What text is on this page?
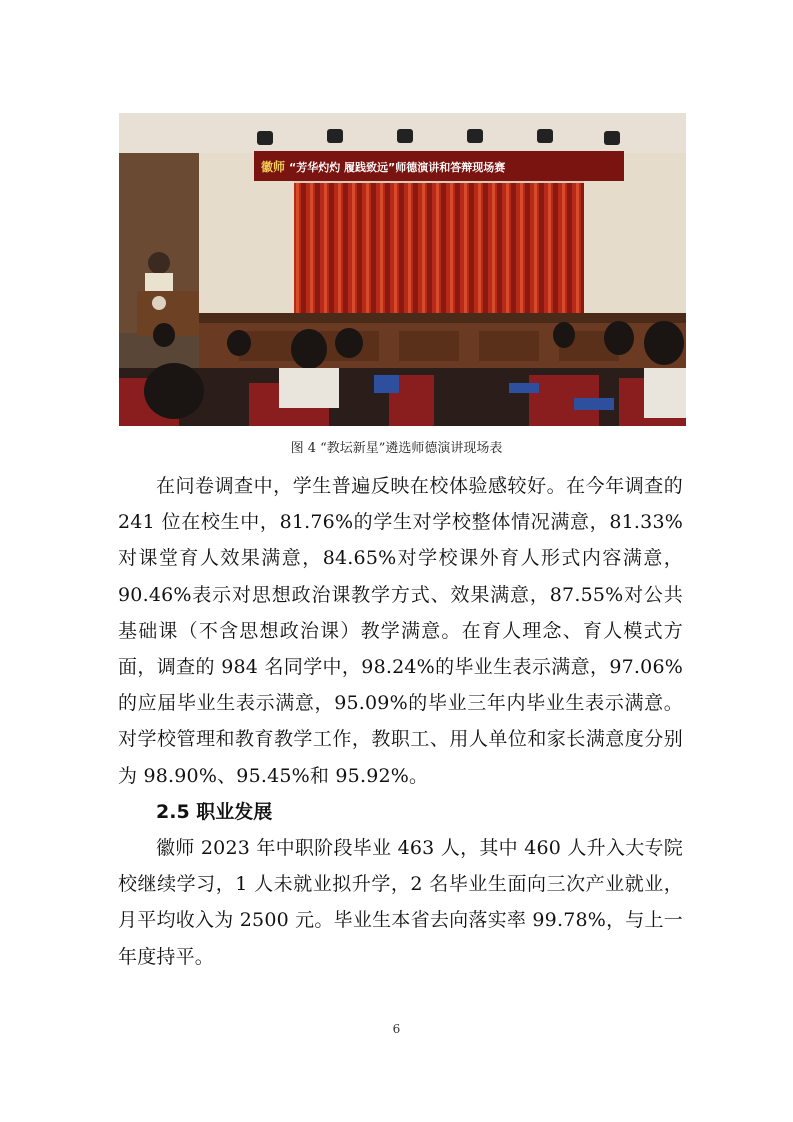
徽师 “芳华灼灼 履践致远”师德演讲和答辩现场赛
图 4 “教坛新星”遴选师德演讲现场表

在问卷调查中，学生普遍反映在校体验感较好。在今年调查的 241 位在校生中，81.76%的学生对学校整体情况满意，81.33%对课堂育人效果满意，84.65%对学校课外育人形式内容满意，90.46%表示对思想政治课教学方式、效果满意，87.55%对公共基础课（不含思想政治课）教学满意。在育人理念、育人模式方面，调查的 984 名同学中，98.24%的毕业生表示满意，97.06%的应届毕业生表示满意，95.09%的毕业三年内毕业生表示满意。对学校管理和教育教学工作，教职工、用人单位和家长满意度分别为 98.90%、95.45%和 95.92%。

2.5 职业发展

徽师 2023 年中职阶段毕业 463 人，其中 460 人升入大专院校继续学习，1 人未就业拟升学，2 名毕业生面向三次产业就业，月平均收入为 2500 元。毕业生本省去向落实率 99.78%，与上一年度持平。

6
